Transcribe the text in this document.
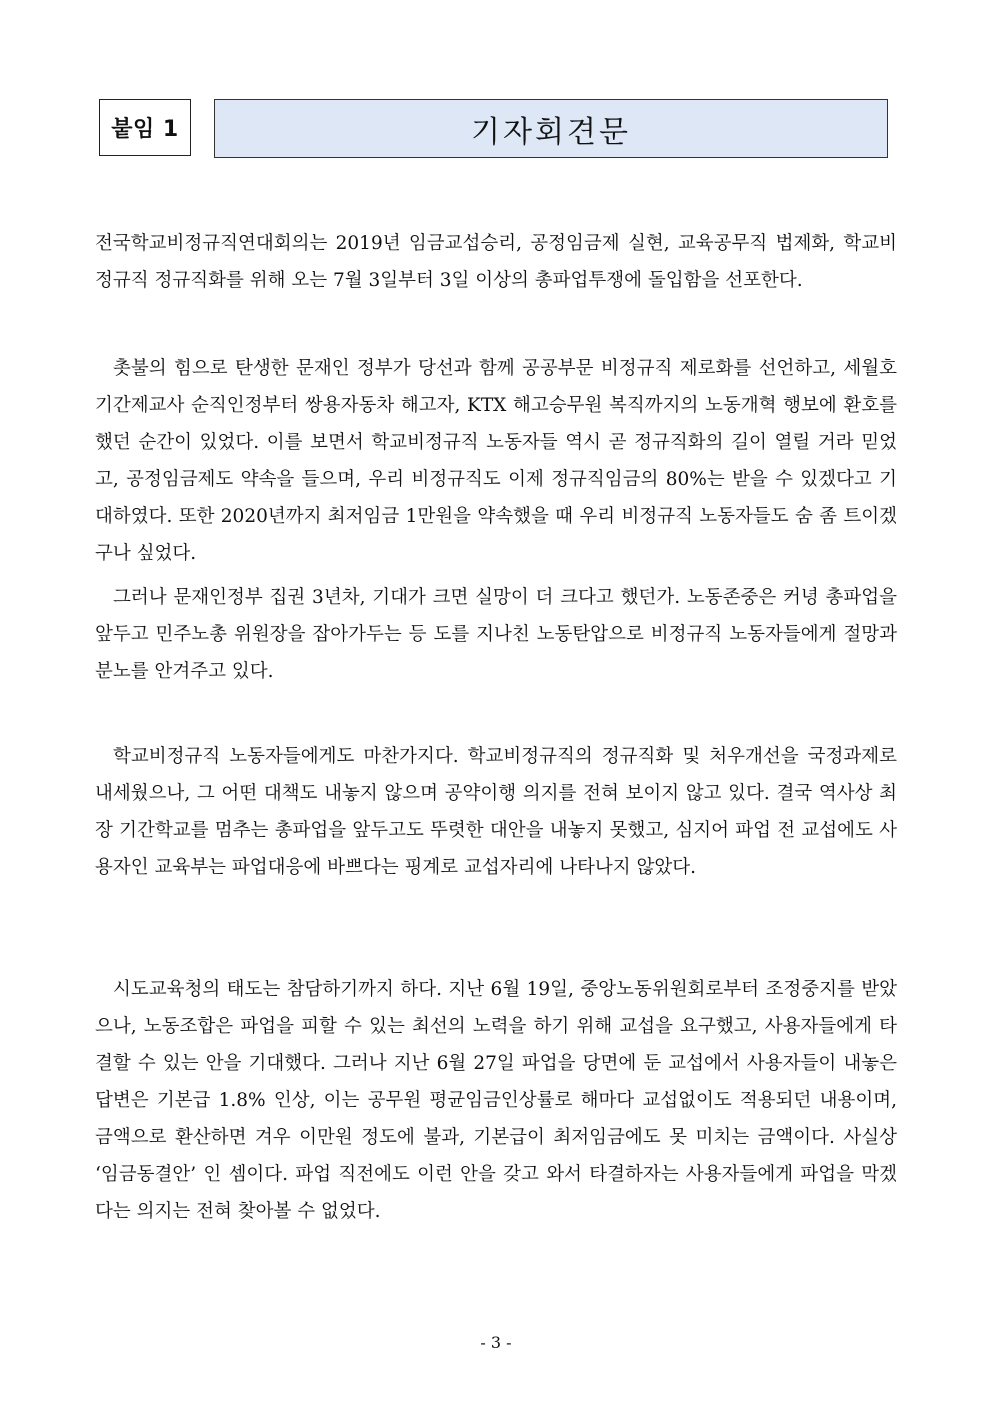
붙임 1	기자회견문

전국학교비정규직연대회의는 2019년 임금교섭승리, 공정임금제 실현, 교육공무직 법제화, 학교비정규직 정규직화를 위해 오는 7월 3일부터 3일 이상의 총파업투쟁에 돌입함을 선포한다.

촛불의 힘으로 탄생한 문재인 정부가 당선과 함께 공공부문 비정규직 제로화를 선언하고, 세월호 기간제교사 순직인정부터 쌍용자동차 해고자, KTX 해고승무원 복직까지의 노동개혁 행보에 환호를 했던 순간이 있었다. 이를 보면서 학교비정규직 노동자들 역시 곧 정규직화의 길이 열릴 거라 믿었고, 공정임금제도 약속을 들으며, 우리 비정규직도 이제 정규직임금의 80%는 받을 수 있겠다고 기대하였다. 또한 2020년까지 최저임금 1만원을 약속했을 때 우리 비정규직 노동자들도 숨 좀 트이겠구나 싶었다.

그러나 문재인정부 집권 3년차, 기대가 크면 실망이 더 크다고 했던가. 노동존중은 커녕 총파업을 앞두고 민주노총 위원장을 잡아가두는 등 도를 지나친 노동탄압으로 비정규직 노동자들에게 절망과 분노를 안겨주고 있다.

학교비정규직 노동자들에게도 마찬가지다. 학교비정규직의 정규직화 및 처우개선을 국정과제로 내세웠으나, 그 어떤 대책도 내놓지 않으며 공약이행 의지를 전혀 보이지 않고 있다. 결국 역사상 최장 기간학교를 멈추는 총파업을 앞두고도 뚜렷한 대안을 내놓지 못했고, 심지어 파업 전 교섭에도 사용자인 교육부는 파업대응에 바쁘다는 핑계로 교섭자리에 나타나지 않았다.

시도교육청의 태도는 참담하기까지 하다. 지난 6월 19일, 중앙노동위원회로부터 조정중지를 받았으나, 노동조합은 파업을 피할 수 있는 최선의 노력을 하기 위해 교섭을 요구했고, 사용자들에게 타결할 수 있는 안을 기대했다. 그러나 지난 6월 27일 파업을 당면에 둔 교섭에서 사용자들이 내놓은 답변은 기본급 1.8% 인상, 이는 공무원 평균임금인상률로 해마다 교섭없이도 적용되던 내용이며, 금액으로 환산하면 겨우 이만원 정도에 불과, 기본급이 최저임금에도 못 미치는 금액이다. 사실상 ‘임금동결안’ 인 셈이다. 파업 직전에도 이런 안을 갖고 와서 타결하자는 사용자들에게 파업을 막겠다는 의지는 전혀 찾아볼 수 없었다.

- 3 -
